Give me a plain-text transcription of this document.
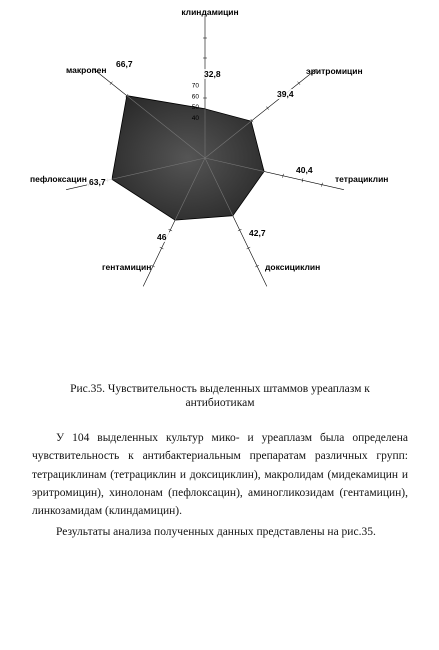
40
50
60
70
клиндамицин
32,8	эритромицин
39,4
тетрациклин
40,4
доксициклин
42,7
гентамицин
46
пефлоксацин 63,7
макропен
66,7
Рис.35. Чувствительность выделенных штаммов уреаплазм к
антибиотикам

У 104 выделенных культур мико- и уреаплазм была определена чувствительность к антибактериальным препаратам различных групп: тетрациклинам (тетрациклин и доксициклин), макролидам (мидекамицин и эритромицин), хинолонам (пефлоксацин), аминогликозидам (гентамицин), линкозамидам (клиндамицин).

Результаты анализа полученных данных представлены на рис.35.
